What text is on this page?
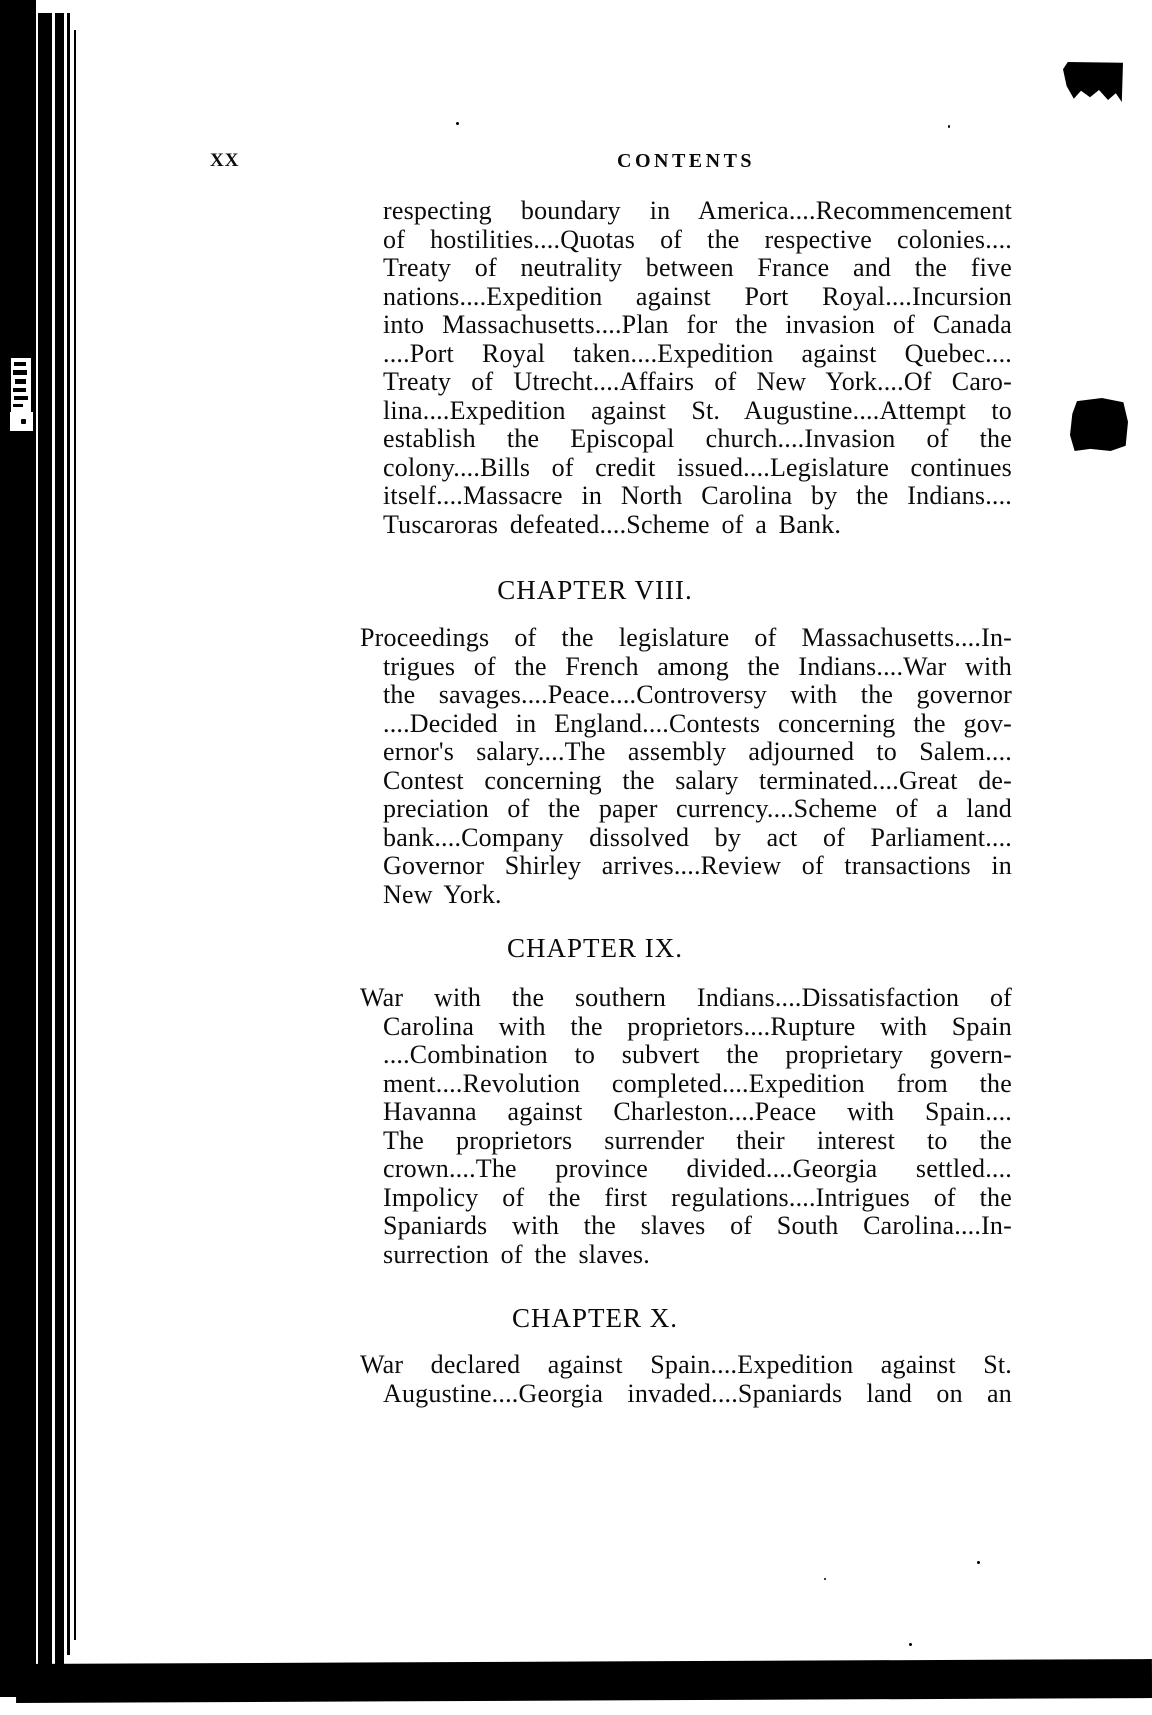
XX	CONTENTS
respecting boundary in America....Recommencement
of hostilities....Quotas of the respective colonies....
Treaty of neutrality between France and the five
nations....Expedition against Port Royal....Incursion
into Massachusetts....Plan for the invasion of Canada
....Port Royal taken....Expedition against Quebec....
Treaty of Utrecht....Affairs of New York....Of Caro-
lina....Expedition against St. Augustine....Attempt to
establish the Episcopal church....Invasion of the
colony....Bills of credit issued....Legislature continues
itself....Massacre in North Carolina by the Indians....
Tuscaroras defeated....Scheme of a Bank.
CHAPTER VIII.
Proceedings of the legislature of Massachusetts....In-
trigues of the French among the Indians....War with
the savages....Peace....Controversy with the governor
....Decided in England....Contests concerning the gov-
ernor's salary....The assembly adjourned to Salem....
Contest concerning the salary terminated....Great de-
preciation of the paper currency....Scheme of a land
bank....Company dissolved by act of Parliament....
Governor Shirley arrives....Review of transactions in
New York.
CHAPTER IX.
War with the southern Indians....Dissatisfaction of
Carolina with the proprietors....Rupture with Spain
....Combination to subvert the proprietary govern-
ment....Revolution completed....Expedition from the
Havanna against Charleston....Peace with Spain....
The proprietors surrender their interest to the
crown....The province divided....Georgia settled....
Impolicy of the first regulations....Intrigues of the
Spaniards with the slaves of South Carolina....In-
surrection of the slaves.
CHAPTER X.
War declared against Spain....Expedition against St.
Augustine....Georgia invaded....Spaniards land on an
